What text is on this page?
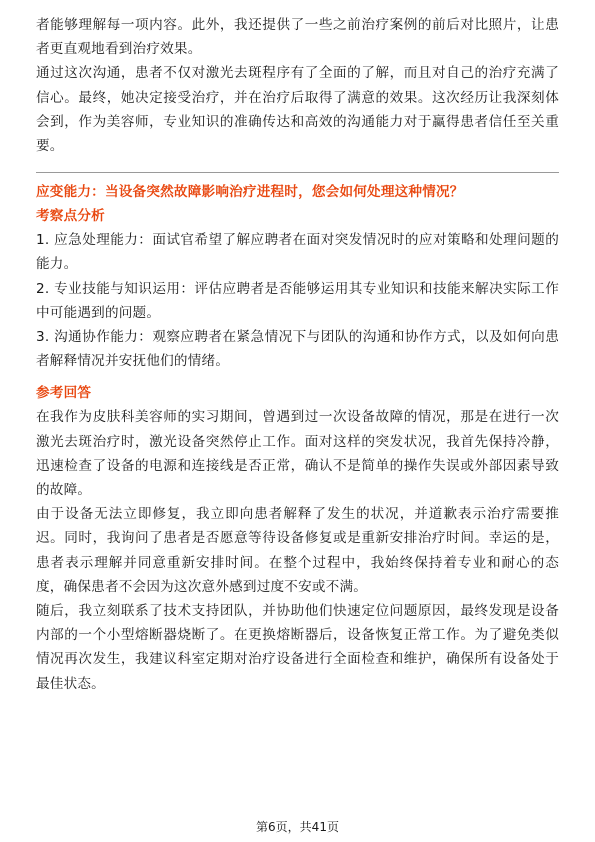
者能够理解每一项内容。此外，我还提供了一些之前治疗案例的前后对比照片，让患者更直观地看到治疗效果。

通过这次沟通，患者不仅对激光去斑程序有了全面的了解，而且对自己的治疗充满了信心。最终，她决定接受治疗，并在治疗后取得了满意的效果。这次经历让我深刻体会到，作为美容师，专业知识的准确传达和高效的沟通能力对于赢得患者信任至关重要。

应变能力：当设备突然故障影响治疗进程时，您会如何处理这种情况？

考察点分析

1. 应急处理能力：面试官希望了解应聘者在面对突发情况时的应对策略和处理问题的能力。

2. 专业技能与知识运用：评估应聘者是否能够运用其专业知识和技能来解决实际工作中可能遇到的问题。

3. 沟通协作能力：观察应聘者在紧急情况下与团队的沟通和协作方式，以及如何向患者解释情况并安抚他们的情绪。

参考回答

在我作为皮肤科美容师的实习期间，曾遇到过一次设备故障的情况，那是在进行一次激光去斑治疗时，激光设备突然停止工作。面对这样的突发状况，我首先保持冷静，迅速检查了设备的电源和连接线是否正常，确认不是简单的操作失误或外部因素导致的故障。

由于设备无法立即修复，我立即向患者解释了发生的状况，并道歉表示治疗需要推迟。同时，我询问了患者是否愿意等待设备修复或是重新安排治疗时间。幸运的是，患者表示理解并同意重新安排时间。在整个过程中，我始终保持着专业和耐心的态度，确保患者不会因为这次意外感到过度不安或不满。

随后，我立刻联系了技术支持团队，并协助他们快速定位问题原因，最终发现是设备内部的一个小型熔断器烧断了。在更换熔断器后，设备恢复正常工作。为了避免类似情况再次发生，我建议科室定期对治疗设备进行全面检查和维护，确保所有设备处于最佳状态。

第6页，共41页
